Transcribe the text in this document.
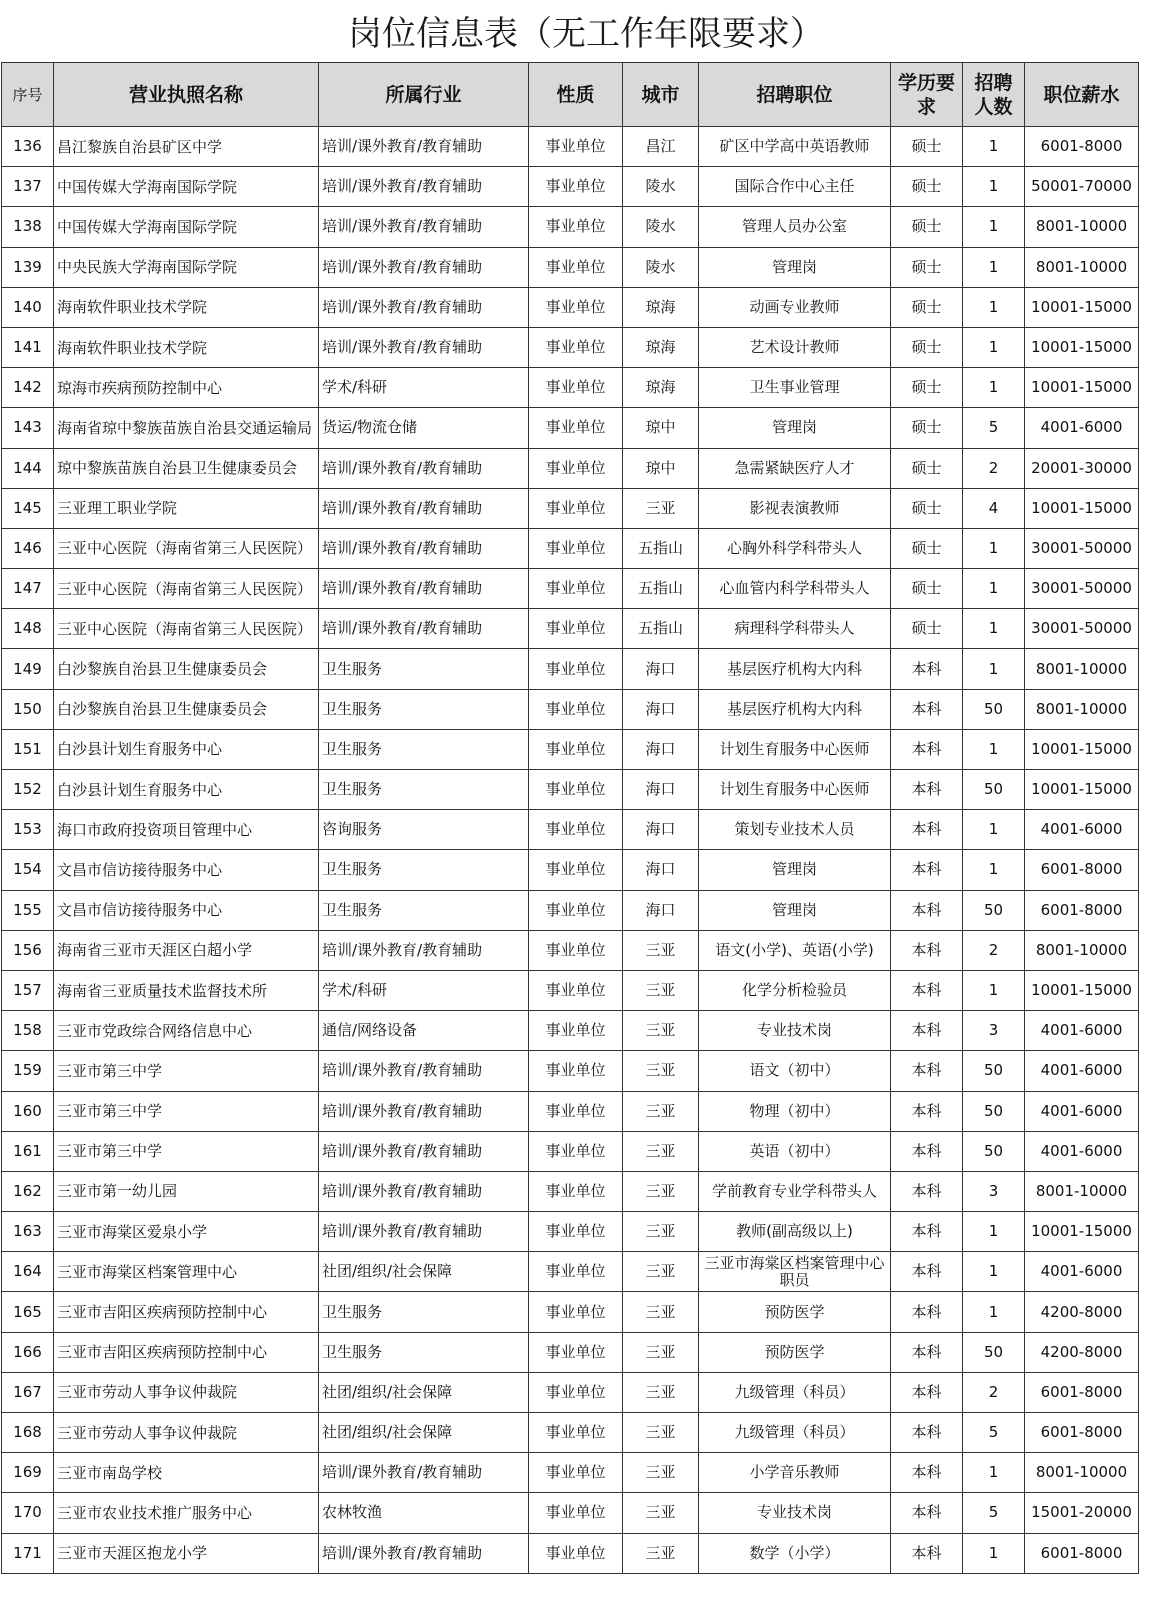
岗位信息表（无工作年限要求）
序号	营业执照名称	所属行业	性质	城市	招聘职位	学历要求	招聘人数	职位薪水
136	昌江黎族自治县矿区中学	培训/课外教育/教育辅助	事业单位	昌江	矿区中学高中英语教师	硕士	1	6001-8000
137	中国传媒大学海南国际学院	培训/课外教育/教育辅助	事业单位	陵水	国际合作中心主任	硕士	1	50001-70000
138	中国传媒大学海南国际学院	培训/课外教育/教育辅助	事业单位	陵水	管理人员办公室	硕士	1	8001-10000
139	中央民族大学海南国际学院	培训/课外教育/教育辅助	事业单位	陵水	管理岗	硕士	1	8001-10000
140	海南软件职业技术学院	培训/课外教育/教育辅助	事业单位	琼海	动画专业教师	硕士	1	10001-15000
141	海南软件职业技术学院	培训/课外教育/教育辅助	事业单位	琼海	艺术设计教师	硕士	1	10001-15000
142	琼海市疾病预防控制中心	学术/科研	事业单位	琼海	卫生事业管理	硕士	1	10001-15000
143	海南省琼中黎族苗族自治县交通运输局	货运/物流仓储	事业单位	琼中	管理岗	硕士	5	4001-6000
144	琼中黎族苗族自治县卫生健康委员会	培训/课外教育/教育辅助	事业单位	琼中	急需紧缺医疗人才	硕士	2	20001-30000
145	三亚理工职业学院	培训/课外教育/教育辅助	事业单位	三亚	影视表演教师	硕士	4	10001-15000
146	三亚中心医院（海南省第三人民医院）	培训/课外教育/教育辅助	事业单位	五指山	心胸外科学科带头人	硕士	1	30001-50000
147	三亚中心医院（海南省第三人民医院）	培训/课外教育/教育辅助	事业单位	五指山	心血管内科学科带头人	硕士	1	30001-50000
148	三亚中心医院（海南省第三人民医院）	培训/课外教育/教育辅助	事业单位	五指山	病理科学科带头人	硕士	1	30001-50000
149	白沙黎族自治县卫生健康委员会	卫生服务	事业单位	海口	基层医疗机构大内科	本科	1	8001-10000
150	白沙黎族自治县卫生健康委员会	卫生服务	事业单位	海口	基层医疗机构大内科	本科	50	8001-10000
151	白沙县计划生育服务中心	卫生服务	事业单位	海口	计划生育服务中心医师	本科	1	10001-15000
152	白沙县计划生育服务中心	卫生服务	事业单位	海口	计划生育服务中心医师	本科	50	10001-15000
153	海口市政府投资项目管理中心	咨询服务	事业单位	海口	策划专业技术人员	本科	1	4001-6000
154	文昌市信访接待服务中心	卫生服务	事业单位	海口	管理岗	本科	1	6001-8000
155	文昌市信访接待服务中心	卫生服务	事业单位	海口	管理岗	本科	50	6001-8000
156	海南省三亚市天涯区白超小学	培训/课外教育/教育辅助	事业单位	三亚	语文(小学)、英语(小学)	本科	2	8001-10000
157	海南省三亚质量技术监督技术所	学术/科研	事业单位	三亚	化学分析检验员	本科	1	10001-15000
158	三亚市党政综合网络信息中心	通信/网络设备	事业单位	三亚	专业技术岗	本科	3	4001-6000
159	三亚市第三中学	培训/课外教育/教育辅助	事业单位	三亚	语文（初中）	本科	50	4001-6000
160	三亚市第三中学	培训/课外教育/教育辅助	事业单位	三亚	物理（初中）	本科	50	4001-6000
161	三亚市第三中学	培训/课外教育/教育辅助	事业单位	三亚	英语（初中）	本科	50	4001-6000
162	三亚市第一幼儿园	培训/课外教育/教育辅助	事业单位	三亚	学前教育专业学科带头人	本科	3	8001-10000
163	三亚市海棠区爱泉小学	培训/课外教育/教育辅助	事业单位	三亚	教师(副高级以上)	本科	1	10001-15000
164	三亚市海棠区档案管理中心	社团/组织/社会保障	事业单位	三亚	三亚市海棠区档案管理中心职员	本科	1	4001-6000
165	三亚市吉阳区疾病预防控制中心	卫生服务	事业单位	三亚	预防医学	本科	1	4200-8000
166	三亚市吉阳区疾病预防控制中心	卫生服务	事业单位	三亚	预防医学	本科	50	4200-8000
167	三亚市劳动人事争议仲裁院	社团/组织/社会保障	事业单位	三亚	九级管理（科员）	本科	2	6001-8000
168	三亚市劳动人事争议仲裁院	社团/组织/社会保障	事业单位	三亚	九级管理（科员）	本科	5	6001-8000
169	三亚市南岛学校	培训/课外教育/教育辅助	事业单位	三亚	小学音乐教师	本科	1	8001-10000
170	三亚市农业技术推广服务中心	农林牧渔	事业单位	三亚	专业技术岗	本科	5	15001-20000
171	三亚市天涯区抱龙小学	培训/课外教育/教育辅助	事业单位	三亚	数学（小学）	本科	1	6001-8000
